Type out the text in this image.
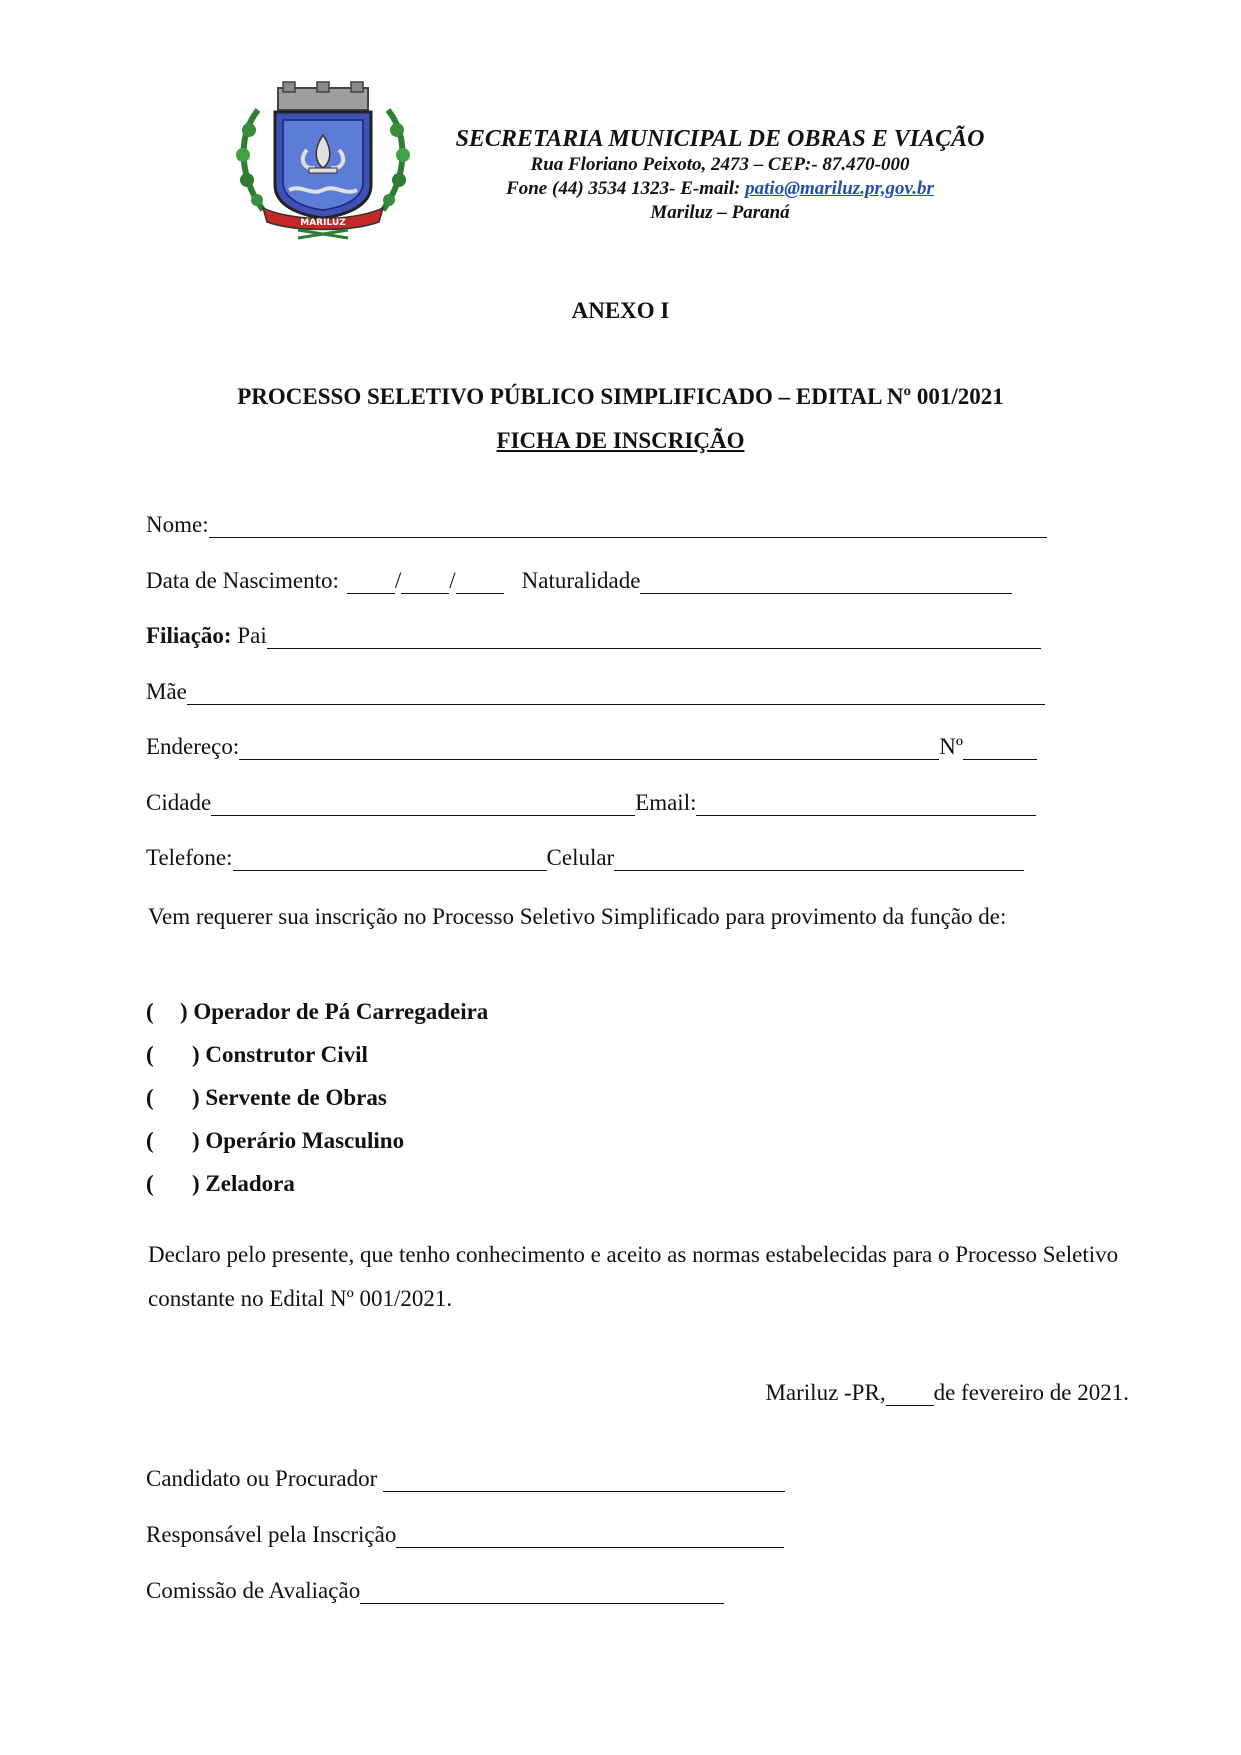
MARILUZ
SECRETARIA MUNICIPAL DE OBRAS E VIAÇÃO
Rua Floriano Peixoto, 2473 – CEP:- 87.470-000
Fone (44) 3534 1323- E-mail: patio@mariluz.pr,gov.br
Mariluz – Paraná
ANEXO I
PROCESSO SELETIVO PÚBLICO SIMPLIFICADO – EDITAL Nº 001/2021
FICHA DE INSCRIÇÃO
Nome:
Data de Nascimento: / /	Naturalidade
Filiação: Pai
Mãe
Endereço:	Nº
Cidade	Email:
Telefone:	Celular
Vem requerer sua inscrição no Processo Seletivo Simplificado para provimento da função de:
(	) Operador de Pá Carregadeira
(	) Construtor Civil
(	) Servente de Obras
(	) Operário Masculino
(	) Zeladora
Declaro pelo presente, que tenho conhecimento e aceito as normas estabelecidas para o Processo Seletivo constante no Edital Nº 001/2021.
Mariluz -PR, de fevereiro de 2021.
Candidato ou Procurador
Responsável pela Inscrição
Comissão de Avaliação
